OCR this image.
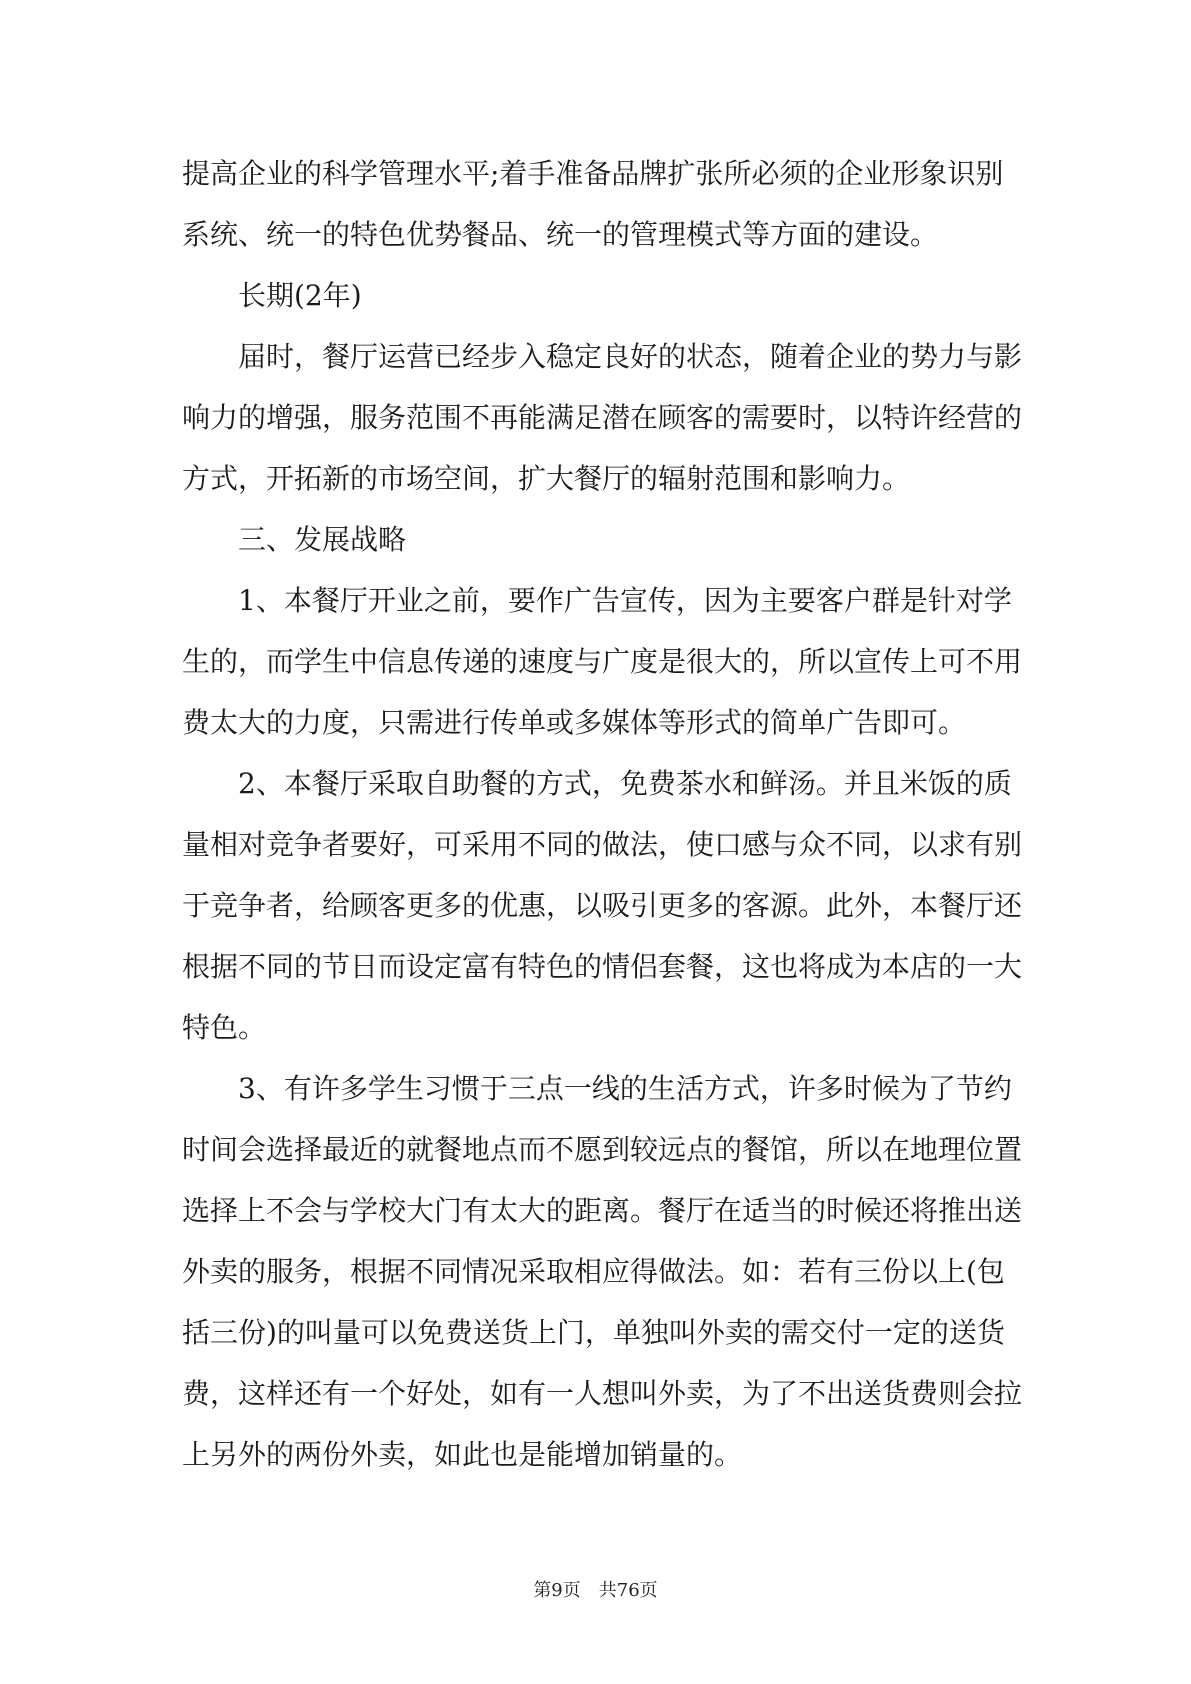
提高企业的科学管理水平;着手准备品牌扩张所必须的企业形象识别
系统、统一的特色优势餐品、统一的管理模式等方面的建设。
长期(2年)
届时，餐厅运营已经步入稳定良好的状态，随着企业的势力与影
响力的增强，服务范围不再能满足潜在顾客的需要时，以特许经营的
方式，开拓新的市场空间，扩大餐厅的辐射范围和影响力。
三、发展战略
1、本餐厅开业之前，要作广告宣传，因为主要客户群是针对学
生的，而学生中信息传递的速度与广度是很大的，所以宣传上可不用
费太大的力度，只需进行传单或多媒体等形式的简单广告即可。
2、本餐厅采取自助餐的方式，免费茶水和鲜汤。并且米饭的质
量相对竞争者要好，可采用不同的做法，使口感与众不同，以求有别
于竞争者，给顾客更多的优惠，以吸引更多的客源。此外，本餐厅还
根据不同的节日而设定富有特色的情侣套餐，这也将成为本店的一大
特色。
3、有许多学生习惯于三点一线的生活方式，许多时候为了节约
时间会选择最近的就餐地点而不愿到较远点的餐馆，所以在地理位置
选择上不会与学校大门有太大的距离。餐厅在适当的时候还将推出送
外卖的服务，根据不同情况采取相应得做法。如：若有三份以上(包
括三份)的叫量可以免费送货上门，单独叫外卖的需交付一定的送货
费，这样还有一个好处，如有一人想叫外卖，为了不出送货费则会拉
上另外的两份外卖，如此也是能增加销量的。
第9页 共76页
